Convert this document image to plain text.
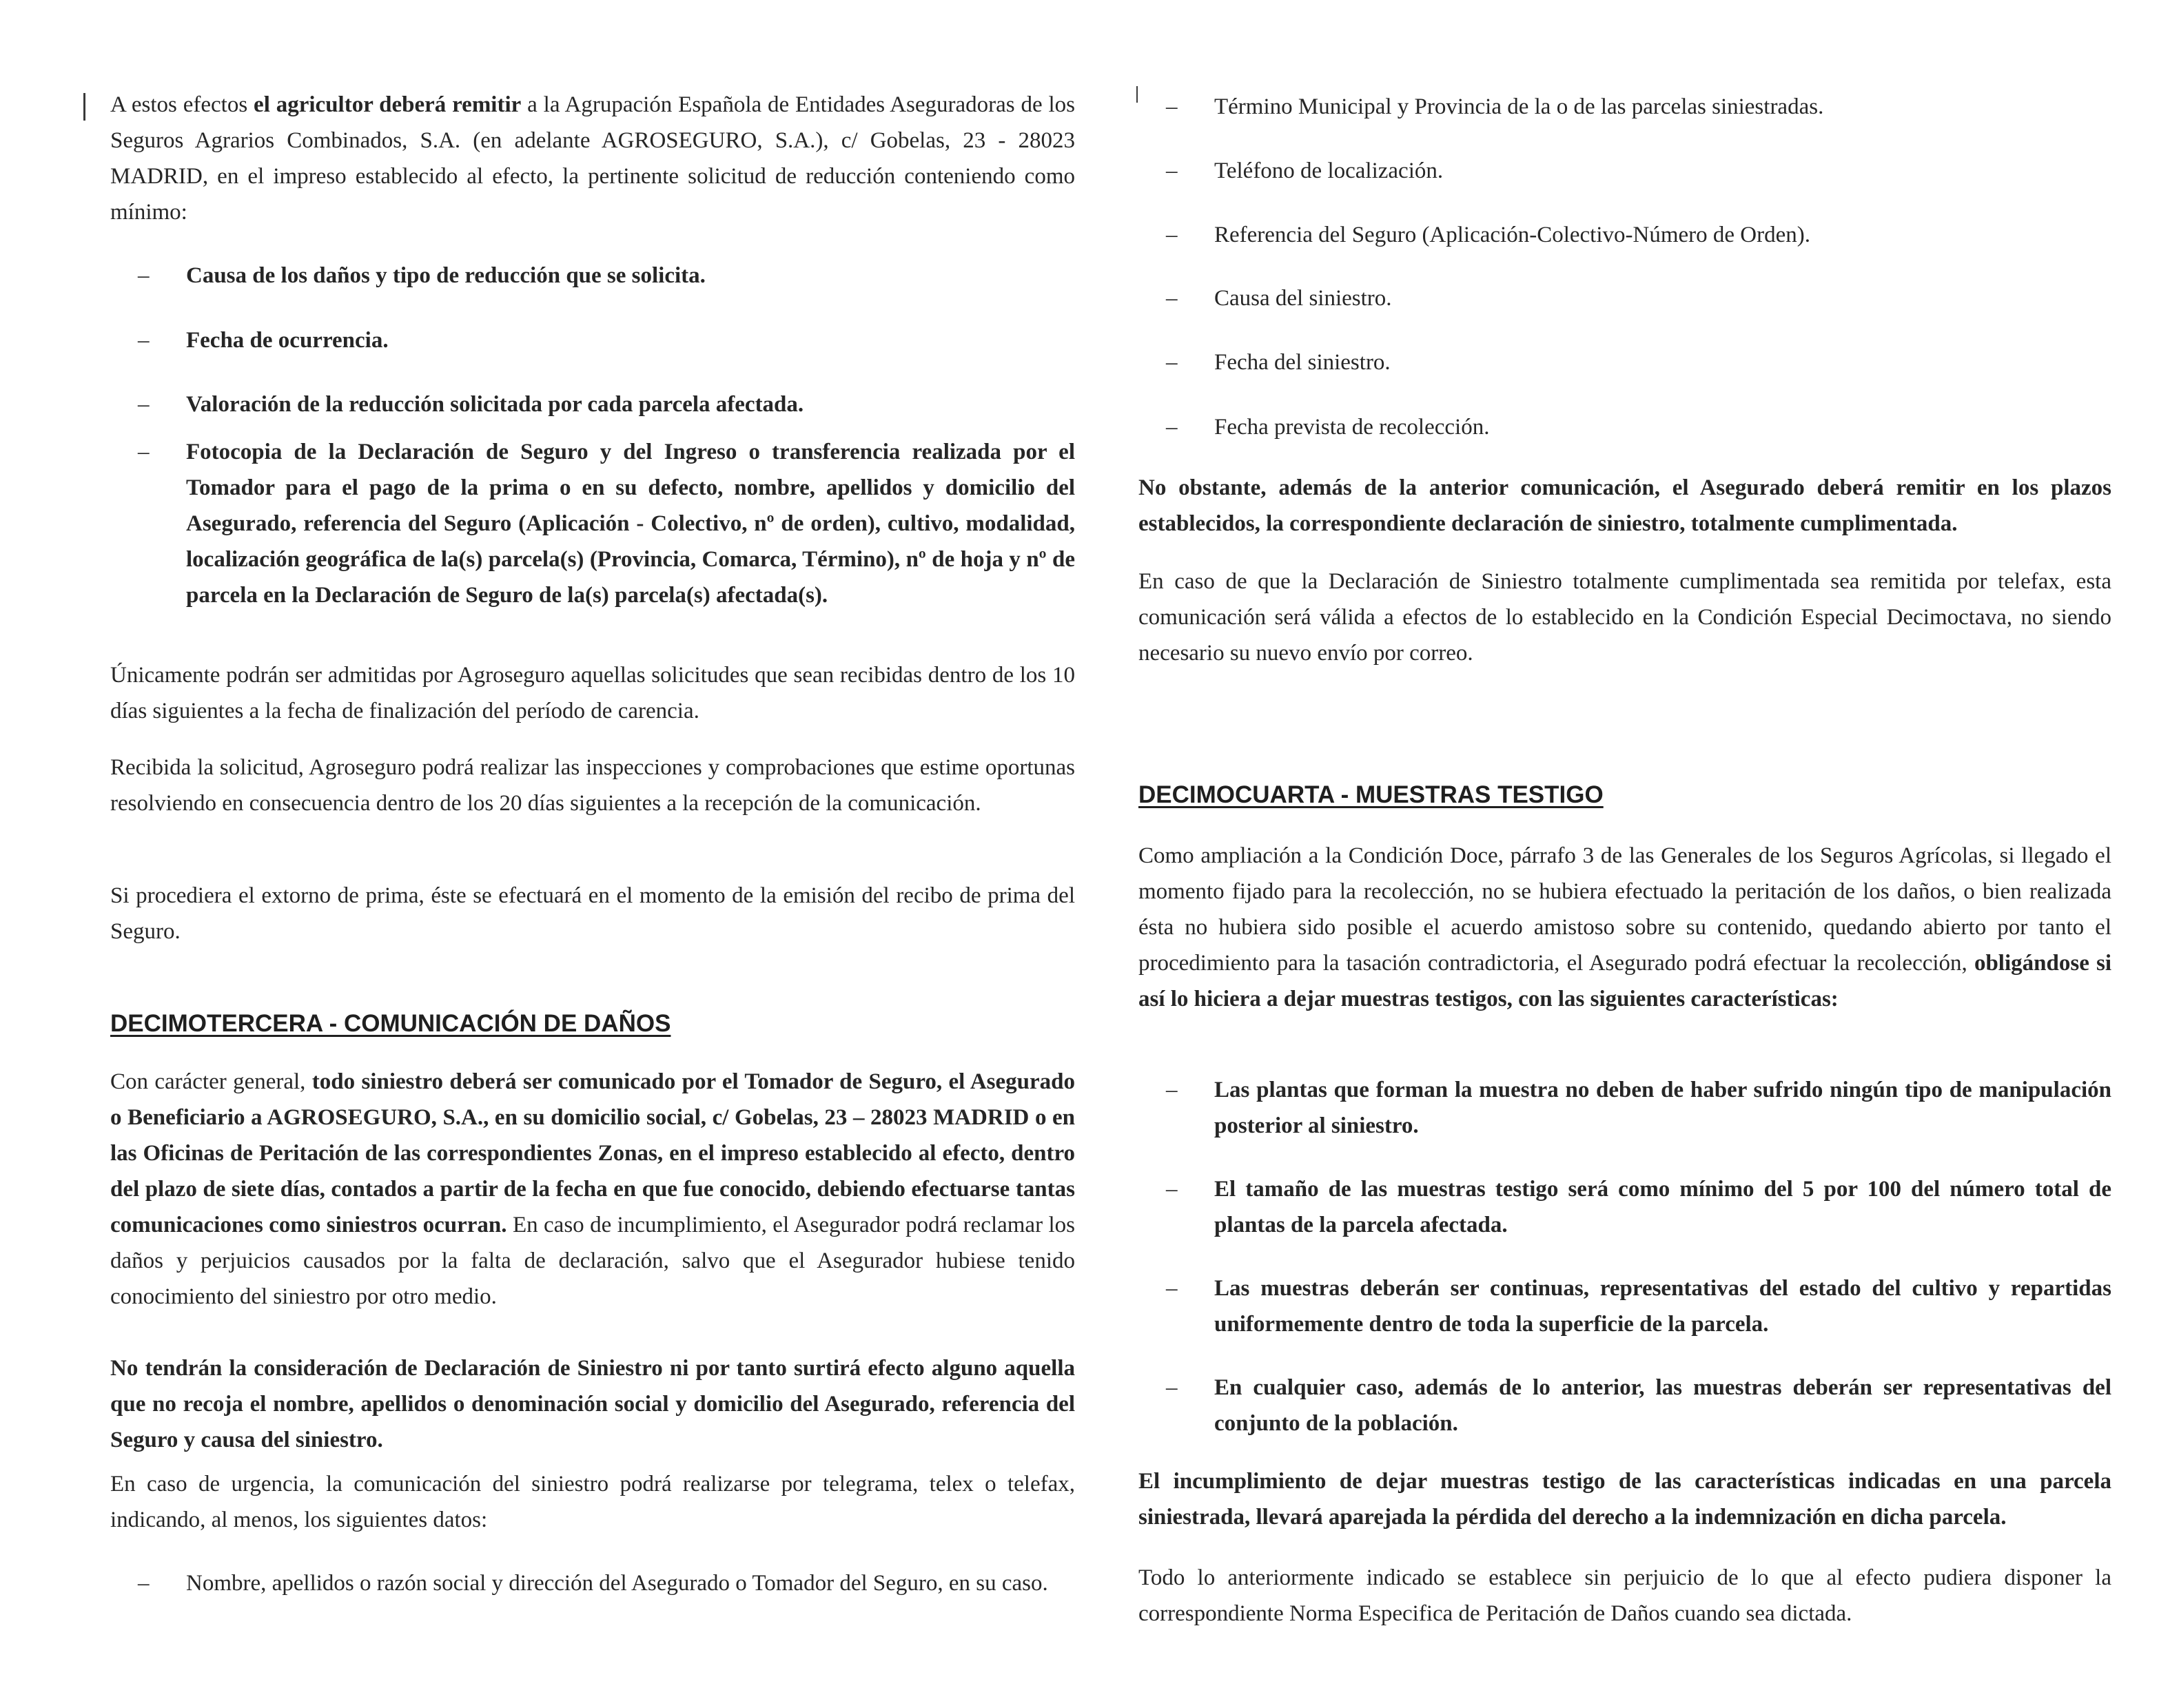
A estos efectos el agricultor deberá remitir a la Agrupación Española de Entidades Aseguradoras de los Seguros Agrarios Combinados, S.A. (en adelante AGROSEGURO, S.A.), c/ Gobelas, 23 - 28023 MADRID, en el impreso establecido al efecto, la pertinente solicitud de reducción conteniendo como mínimo:

– Causa de los daños y tipo de reducción que se solicita.

– Fecha de ocurrencia.

– Valoración de la reducción solicitada por cada parcela afectada.

– Fotocopia de la Declaración de Seguro y del Ingreso o transferencia realizada por el Tomador para el pago de la prima o en su defecto, nombre, apellidos y domicilio del Asegurado, referencia del Seguro (Aplicación - Colectivo, nº de orden), cultivo, modalidad, localización geográfica de la(s) parcela(s) (Provincia, Comarca, Término), nº de hoja y nº de parcela en la Declaración de Seguro de la(s) parcela(s) afectada(s).

Únicamente podrán ser admitidas por Agroseguro aquellas solicitudes que sean recibidas dentro de los 10 días siguientes a la fecha de finalización del período de carencia.

Recibida la solicitud, Agroseguro podrá realizar las inspecciones y comprobaciones que estime oportunas resolviendo en consecuencia dentro de los 20 días siguientes a la recepción de la comunicación.

Si procediera el extorno de prima, éste se efectuará en el momento de la emisión del recibo de prima del Seguro.

DECIMOTERCERA - COMUNICACIÓN DE DAÑOS

Con carácter general, todo siniestro deberá ser comunicado por el Tomador de Seguro, el Asegurado o Beneficiario a AGROSEGURO, S.A., en su domicilio social, c/ Gobelas, 23 – 28023 MADRID o en las Oficinas de Peritación de las correspondientes Zonas, en el impreso establecido al efecto, dentro del plazo de siete días, contados a partir de la fecha en que fue conocido, debiendo efectuarse tantas comunicaciones como siniestros ocurran. En caso de incumplimiento, el Asegurador podrá reclamar los daños y perjuicios causados por la falta de declaración, salvo que el Asegurador hubiese tenido conocimiento del siniestro por otro medio.

No tendrán la consideración de Declaración de Siniestro ni por tanto surtirá efecto alguno aquella que no recoja el nombre, apellidos o denominación social y domicilio del Asegurado, referencia del Seguro y causa del siniestro.

En caso de urgencia, la comunicación del siniestro podrá realizarse por telegrama, telex o telefax, indicando, al menos, los siguientes datos:

– Nombre, apellidos o razón social y dirección del Asegurado o Tomador del Seguro, en su caso.

– Término Municipal y Provincia de la o de las parcelas siniestradas.

– Teléfono de localización.

– Referencia del Seguro (Aplicación-Colectivo-Número de Orden).

– Causa del siniestro.

– Fecha del siniestro.

– Fecha prevista de recolección.

No obstante, además de la anterior comunicación, el Asegurado deberá remitir en los plazos establecidos, la correspondiente declaración de siniestro, totalmente cumplimentada.

En caso de que la Declaración de Siniestro totalmente cumplimentada sea remitida por telefax, esta comunicación será válida a efectos de lo establecido en la Condición Especial Decimoctava, no siendo necesario su nuevo envío por correo.

DECIMOCUARTA - MUESTRAS TESTIGO

Como ampliación a la Condición Doce, párrafo 3 de las Generales de los Seguros Agrícolas, si llegado el momento fijado para la recolección, no se hubiera efectuado la peritación de los daños, o bien realizada ésta no hubiera sido posible el acuerdo amistoso sobre su contenido, quedando abierto por tanto el procedimiento para la tasación contradictoria, el Asegurado podrá efectuar la recolección, obligándose si así lo hiciera a dejar muestras testigos, con las siguientes características:

– Las plantas que forman la muestra no deben de haber sufrido ningún tipo de manipulación posterior al siniestro.

– El tamaño de las muestras testigo será como mínimo del 5 por 100 del número total de plantas de la parcela afectada.

– Las muestras deberán ser continuas, representativas del estado del cultivo y repartidas uniformemente dentro de toda la superficie de la parcela.

– En cualquier caso, además de lo anterior, las muestras deberán ser representativas del conjunto de la población.

El incumplimiento de dejar muestras testigo de las características indicadas en una parcela siniestrada, llevará aparejada la pérdida del derecho a la indemnización en dicha parcela.

Todo lo anteriormente indicado se establece sin perjuicio de lo que al efecto pudiera disponer la correspondiente Norma Especifica de Peritación de Daños cuando sea dictada.
